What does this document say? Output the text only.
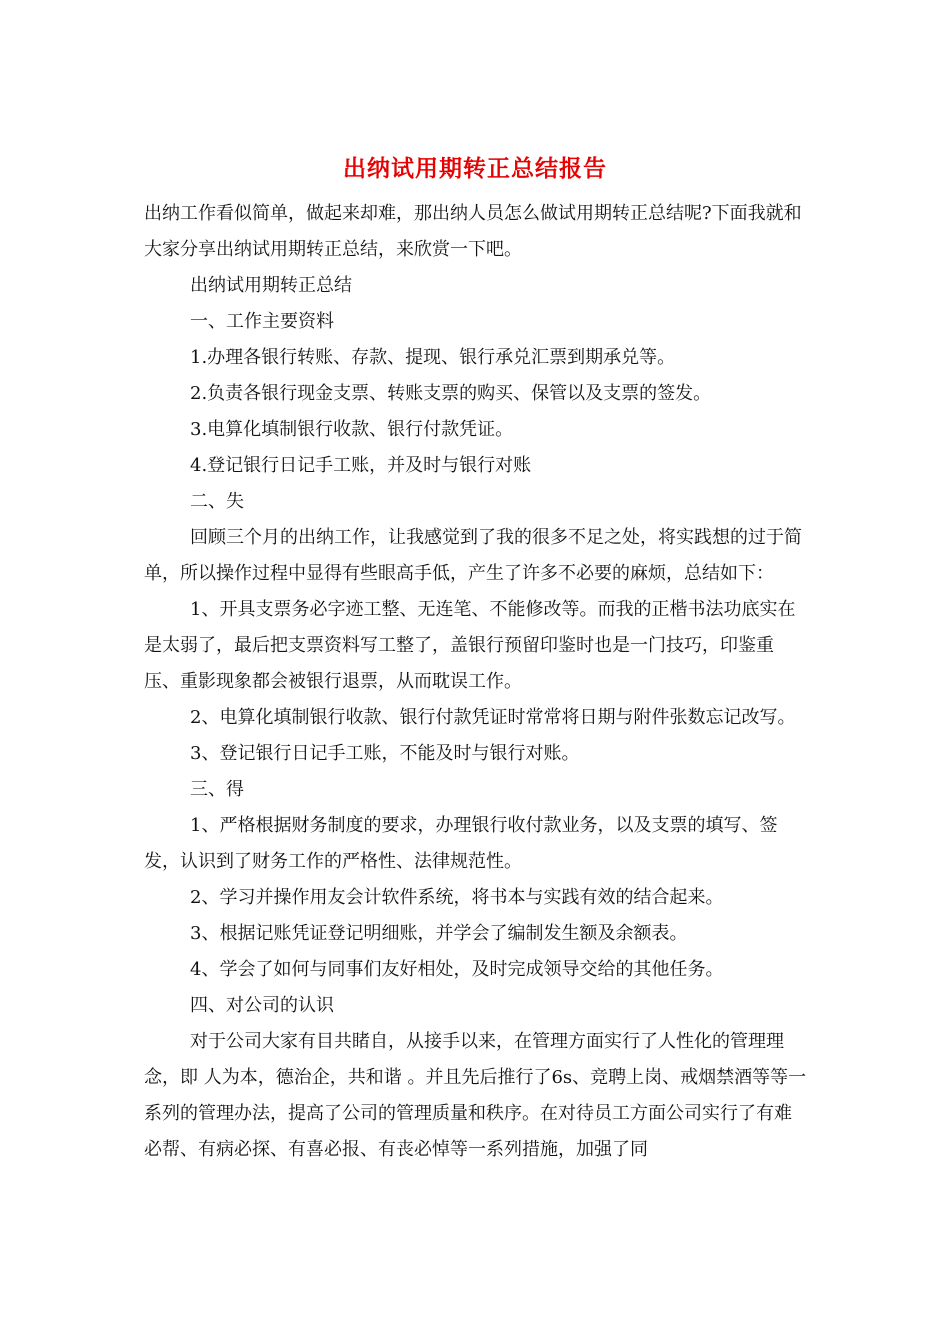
出纳试用期转正总结报告

出纳工作看似简单，做起来却难，那出纳人员怎么做试用期转正总结呢?下面我就和大家分享出纳试用期转正总结，来欣赏一下吧。

出纳试用期转正总结

一、工作主要资料

1.办理各银行转账、存款、提现、银行承兑汇票到期承兑等。

2.负责各银行现金支票、转账支票的购买、保管以及支票的签发。

3.电算化填制银行收款、银行付款凭证。

4.登记银行日记手工账，并及时与银行对账

二、失

回顾三个月的出纳工作，让我感觉到了我的很多不足之处，将实践想的过于简单，所以操作过程中显得有些眼高手低，产生了许多不必要的麻烦，总结如下：

1、开具支票务必字迹工整、无连笔、不能修改等。而我的正楷书法功底实在是太弱了，最后把支票资料写工整了，盖银行预留印鉴时也是一门技巧，印鉴重压、重影现象都会被银行退票，从而耽误工作。

2、电算化填制银行收款、银行付款凭证时常常将日期与附件张数忘记改写。

3、登记银行日记手工账，不能及时与银行对账。

三、得

1、严格根据财务制度的要求，办理银行收付款业务，以及支票的填写、签发，认识到了财务工作的严格性、法律规范性。

2、学习并操作用友会计软件系统，将书本与实践有效的结合起来。

3、根据记账凭证登记明细账，并学会了编制发生额及余额表。

4、学会了如何与同事们友好相处，及时完成领导交给的其他任务。

四、对公司的认识

对于公司大家有目共睹自，从接手以来，在管理方面实行了人性化的管理理念，即 人为本，德治企，共和谐 。并且先后推行了6s、竞聘上岗、戒烟禁酒等等一系列的管理办法，提高了公司的管理质量和秩序。在对待员工方面公司实行了有难必帮、有病必探、有喜必报、有丧必悼等一系列措施，加强了同
